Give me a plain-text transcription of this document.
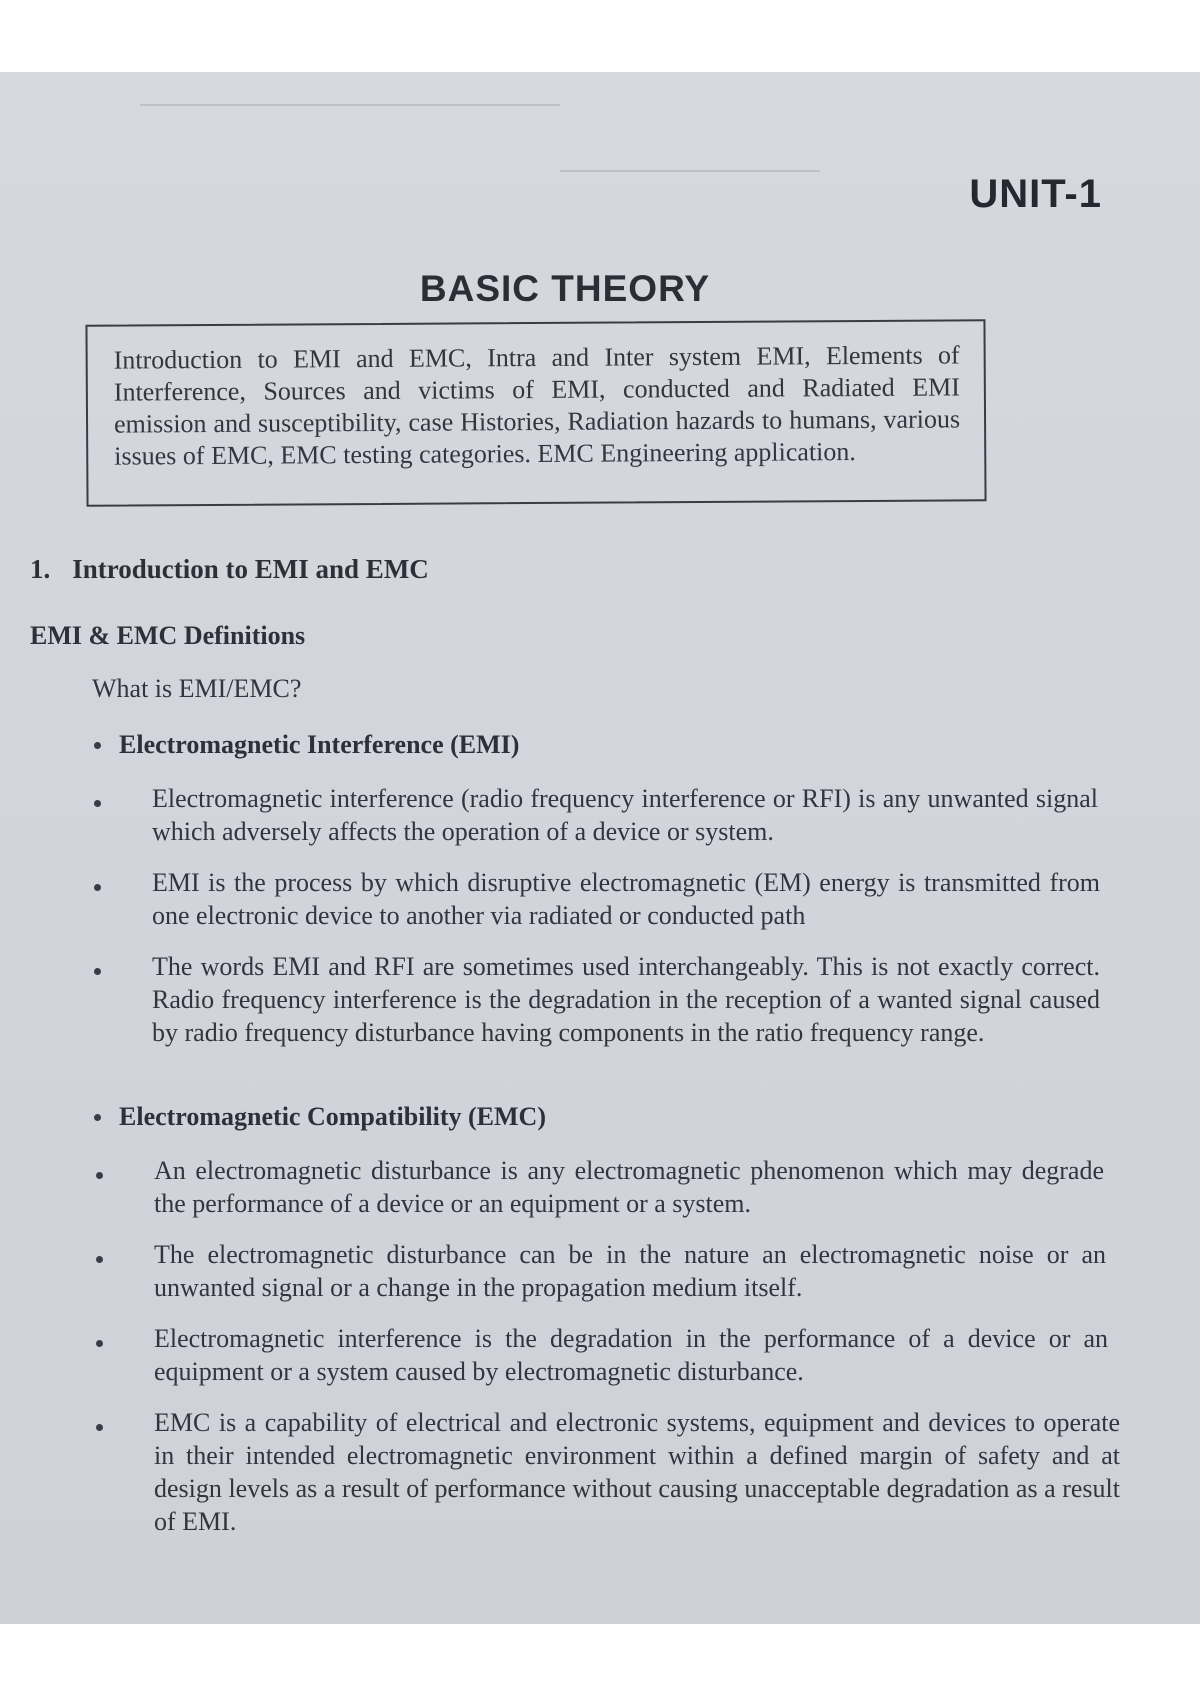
UNIT-1
BASIC THEORY
Introduction to EMI and EMC, Intra and Inter system EMI, Elements of Interference, Sources and victims of EMI, conducted and Radiated EMI emission and susceptibility, case Histories, Radiation hazards to humans, various issues of EMC, EMC testing categories. EMC Engineering application.
1. Introduction to EMI and EMC
EMI & EMC Definitions
What is EMI/EMC?
Electromagnetic Interference (EMI)
Electromagnetic interference (radio frequency interference or RFI) is any unwanted signal which adversely affects the operation of a device or system.
EMI is the process by which disruptive electromagnetic (EM) energy is transmitted from one electronic device to another via radiated or conducted path
The words EMI and RFI are sometimes used interchangeably. This is not exactly correct. Radio frequency interference is the degradation in the reception of a wanted signal caused by radio frequency disturbance having components in the ratio frequency range.
Electromagnetic Compatibility (EMC)
An electromagnetic disturbance is any electromagnetic phenomenon which may degrade the performance of a device or an equipment or a system.
The electromagnetic disturbance can be in the nature an electromagnetic noise or an unwanted signal or a change in the propagation medium itself.
Electromagnetic interference is the degradation in the performance of a device or an equipment or a system caused by electromagnetic disturbance.
EMC is a capability of electrical and electronic systems, equipment and devices to operate in their intended electromagnetic environment within a defined margin of safety and at design levels as a result of performance without causing unacceptable degradation as a result of EMI.
